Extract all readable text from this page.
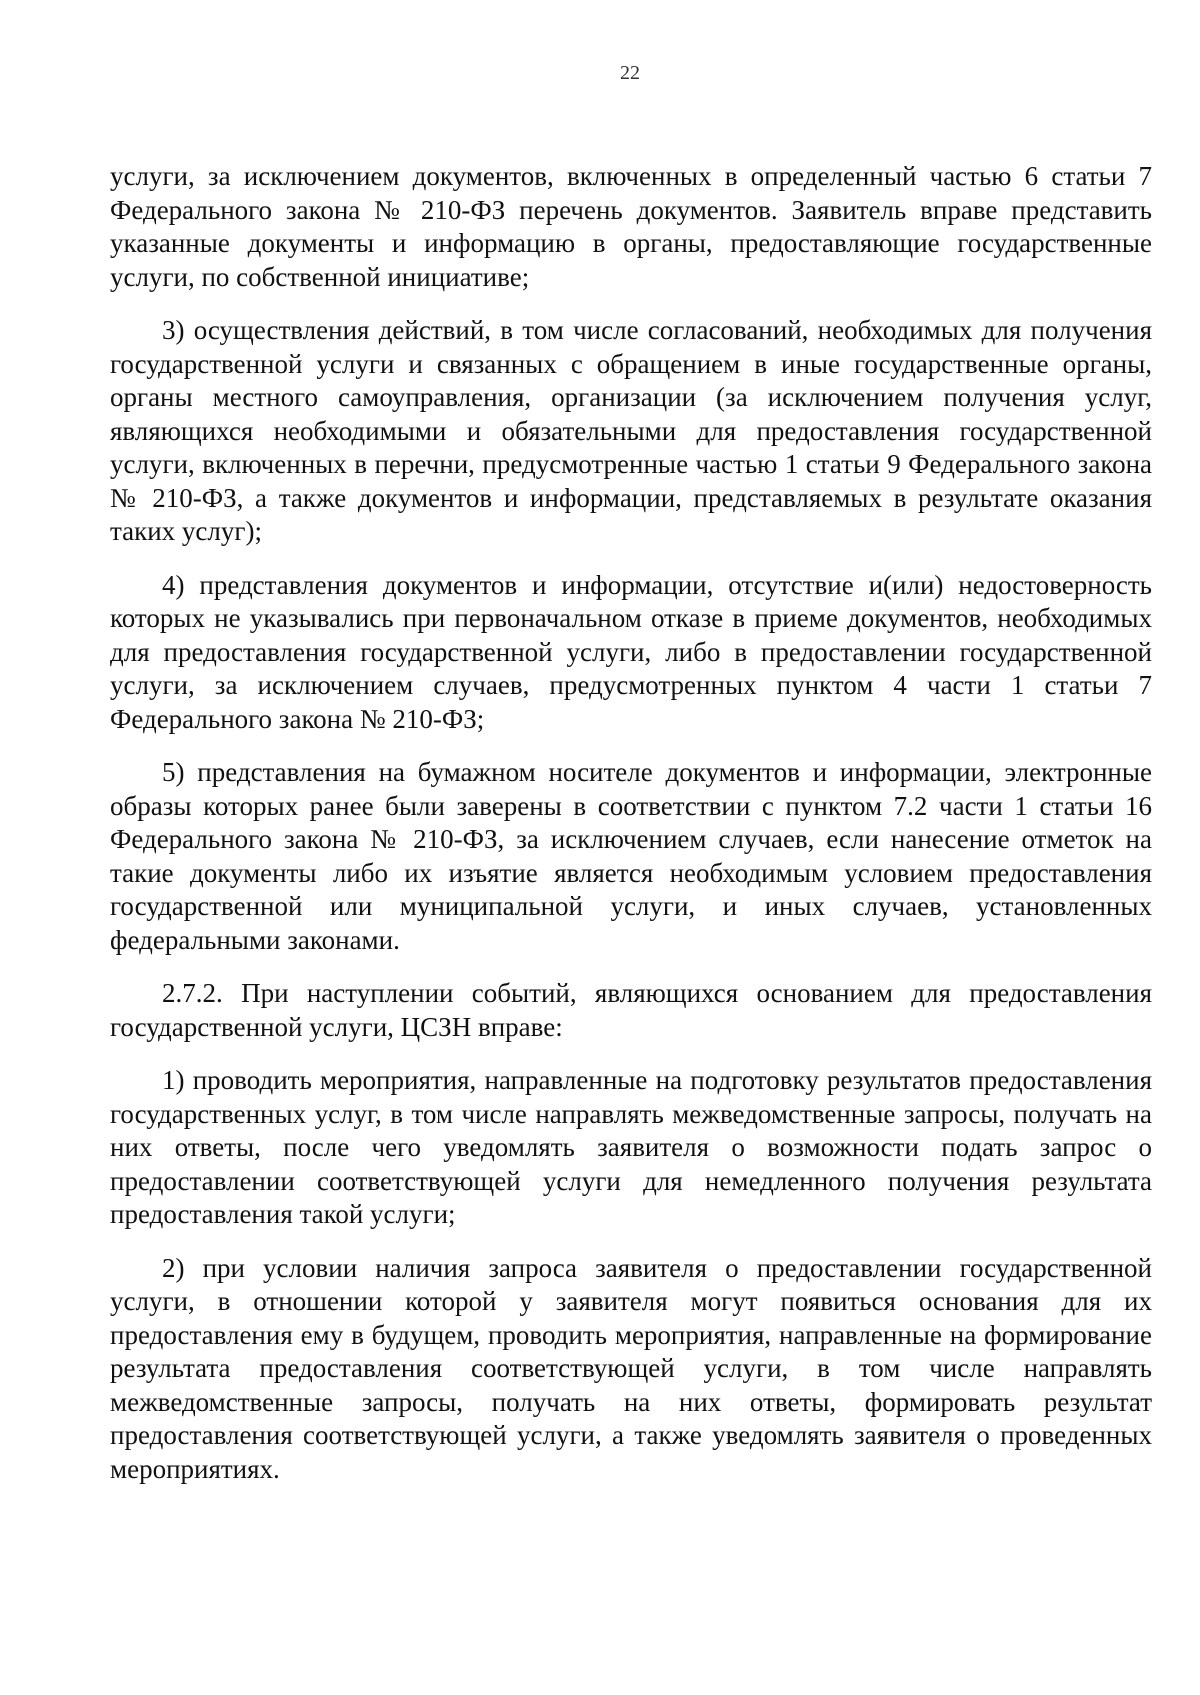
22

услуги, за исключением документов, включенных в определенный частью 6 статьи 7 Федерального закона № 210-ФЗ перечень документов. Заявитель вправе представить указанные документы и информацию в органы, предоставляющие государственные услуги, по собственной инициативе;

3) осуществления действий, в том числе согласований, необходимых для получения государственной услуги и связанных с обращением в иные государственные органы, органы местного самоуправления, организации (за исключением получения услуг, являющихся необходимыми и обязательными для предоставления государственной услуги, включенных в перечни, предусмотренные частью 1 статьи 9 Федерального закона № 210-ФЗ, а также документов и информации, представляемых в результате оказания таких услуг);

4) представления документов и информации, отсутствие и(или) недостоверность которых не указывались при первоначальном отказе в приеме документов, необходимых для предоставления государственной услуги, либо в предоставлении государственной услуги, за исключением случаев, предусмотренных пунктом 4 части 1 статьи 7 Федерального закона № 210-ФЗ;

5) представления на бумажном носителе документов и информации, электронные образы которых ранее были заверены в соответствии с пунктом 7.2 части 1 статьи 16 Федерального закона № 210-ФЗ, за исключением случаев, если нанесение отметок на такие документы либо их изъятие является необходимым условием предоставления государственной или муниципальной услуги, и иных случаев, установленных федеральными законами.

2.7.2. При наступлении событий, являющихся основанием для предоставления государственной услуги, ЦСЗН вправе:

1) проводить мероприятия, направленные на подготовку результатов предоставления государственных услуг, в том числе направлять межведомственные запросы, получать на них ответы, после чего уведомлять заявителя о возможности подать запрос о предоставлении соответствующей услуги для немедленного получения результата предоставления такой услуги;

2) при условии наличия запроса заявителя о предоставлении государственной услуги, в отношении которой у заявителя могут появиться основания для их предоставления ему в будущем, проводить мероприятия, направленные на формирование результата предоставления соответствующей услуги, в том числе направлять межведомственные запросы, получать на них ответы, формировать результат предоставления соответствующей услуги, а также уведомлять заявителя о проведенных мероприятиях.
